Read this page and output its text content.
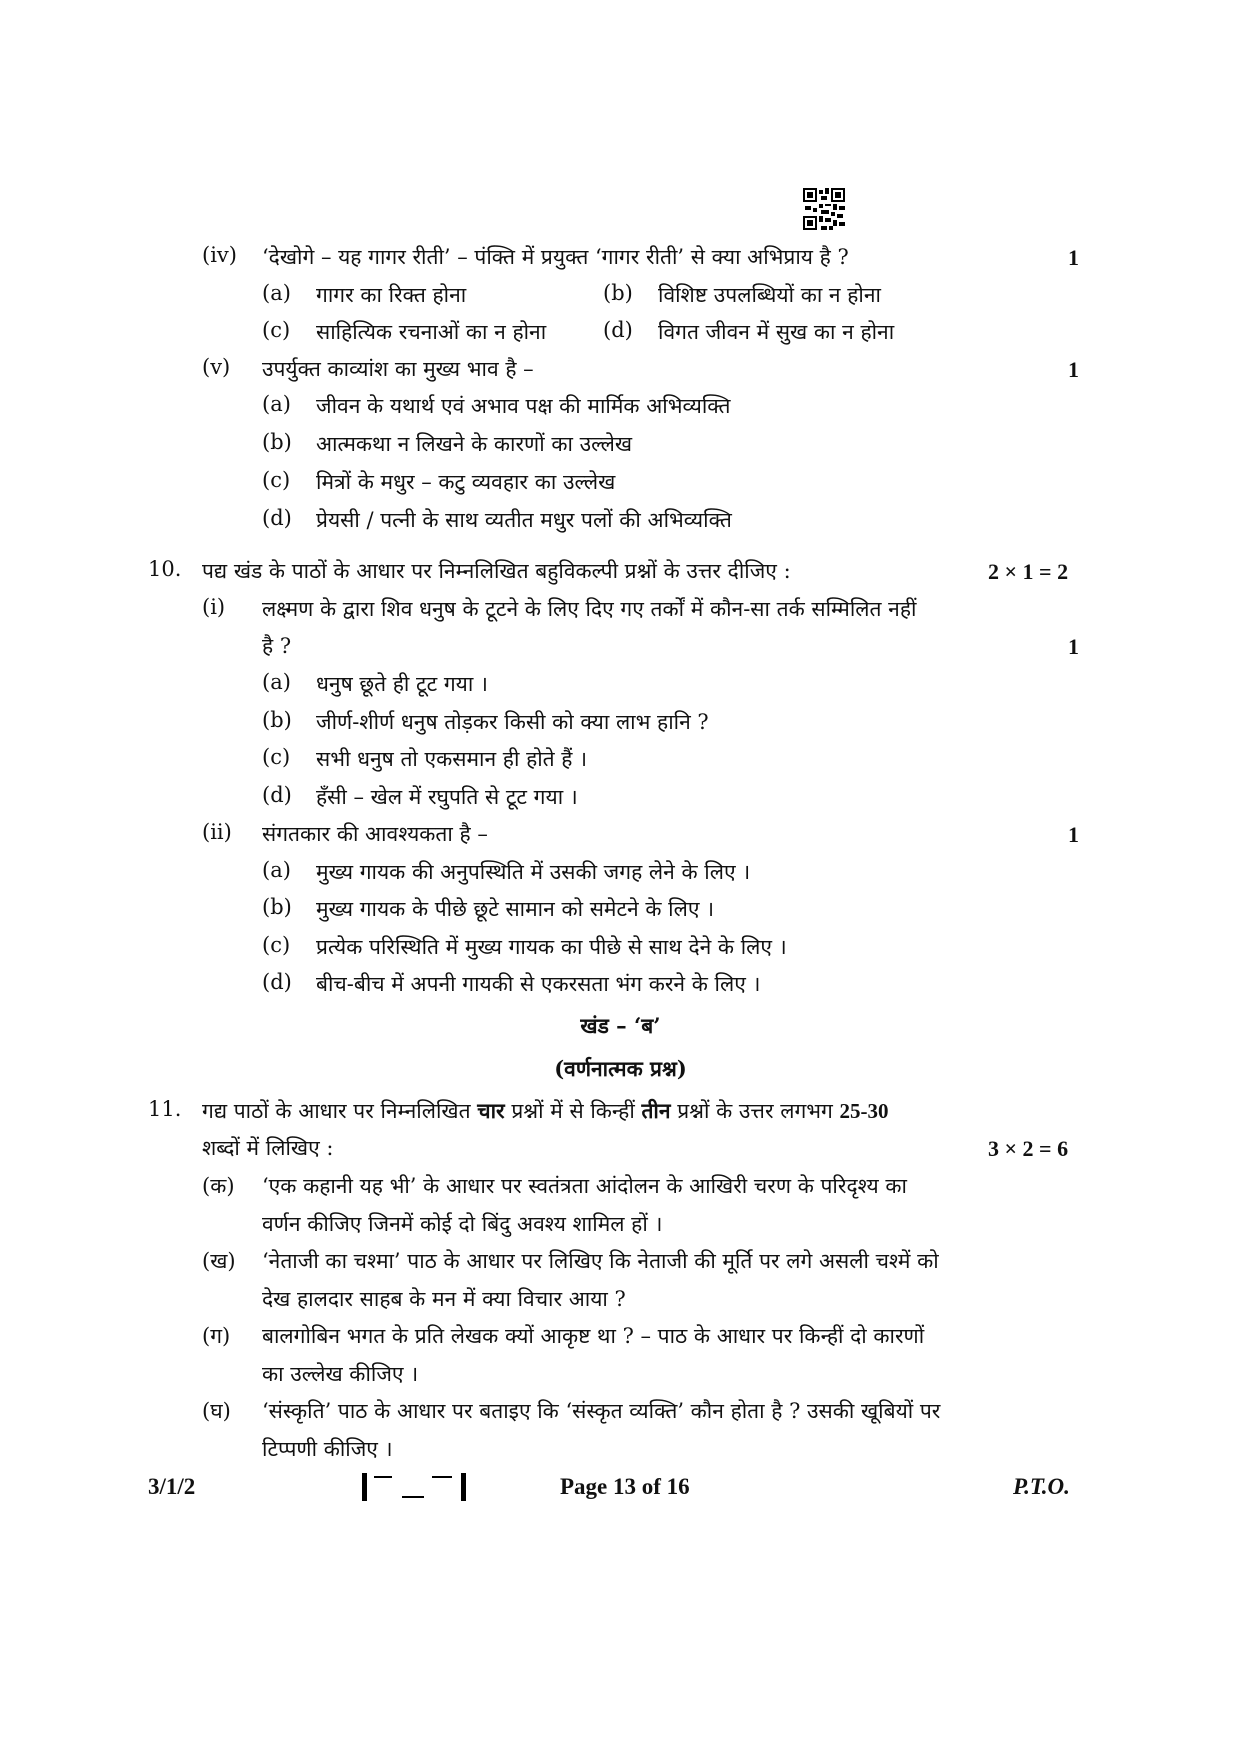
(iv) ‘देखोगे – यह गागर रीती’ – पंक्ति में प्रयुक्त ‘गागर रीती’ से क्या अभिप्राय है ?	1
(a) गागर का रिक्त होना	(b) विशिष्ट उपलब्धियों का न होना
(c) साहित्यिक रचनाओं का न होना	(d) विगत जीवन में सुख का न होना
(v) उपर्युक्त काव्यांश का मुख्य भाव है –	1
(a) जीवन के यथार्थ एवं अभाव पक्ष की मार्मिक अभिव्यक्ति
(b) आत्मकथा न लिखने के कारणों का उल्लेख
(c) मित्रों के मधुर – कटु व्यवहार का उल्लेख
(d) प्रेयसी / पत्नी के साथ व्यतीत मधुर पलों की अभिव्यक्ति
10. पद्य खंड के पाठों के आधार पर निम्नलिखित बहुविकल्पी प्रश्नों के उत्तर दीजिए :	2 × 1 = 2
(i) लक्ष्मण के द्वारा शिव धनुष के टूटने के लिए दिए गए तर्कों में कौन-सा तर्क सम्मिलित नहीं
है ?	1
(a) धनुष छूते ही टूट गया ।
(b) जीर्ण-शीर्ण धनुष तोड़कर किसी को क्या लाभ हानि ?
(c) सभी धनुष तो एकसमान ही होते हैं ।
(d) हँसी – खेल में रघुपति से टूट गया ।
(ii) संगतकार की आवश्यकता है –	1
(a) मुख्य गायक की अनुपस्थिति में उसकी जगह लेने के लिए ।
(b) मुख्य गायक के पीछे छूटे सामान को समेटने के लिए ।
(c) प्रत्येक परिस्थिति में मुख्य गायक का पीछे से साथ देने के लिए ।
(d) बीच-बीच में अपनी गायकी से एकरसता भंग करने के लिए ।
खंड – ‘ब’
(वर्णनात्मक प्रश्न)
11. गद्य पाठों के आधार पर निम्नलिखित चार प्रश्नों में से किन्हीं तीन प्रश्नों के उत्तर लगभग 25-30
शब्दों में लिखिए :	3 × 2 = 6
(क) ‘एक कहानी यह भी’ के आधार पर स्वतंत्रता आंदोलन के आखिरी चरण के परिदृश्य का
वर्णन कीजिए जिनमें कोई दो बिंदु अवश्य शामिल हों ।
(ख) ‘नेताजी का चश्मा’ पाठ के आधार पर लिखिए कि नेताजी की मूर्ति पर लगे असली चश्में को
देख हालदार साहब के मन में क्या विचार आया ?
(ग) बालगोबिन भगत के प्रति लेखक क्यों आकृष्ट था ? – पाठ के आधार पर किन्हीं दो कारणों
का उल्लेख कीजिए ।
(घ) ‘संस्कृति’ पाठ के आधार पर बताइए कि ‘संस्कृत व्यक्ति’ कौन होता है ? उसकी खूबियों पर
टिप्पणी कीजिए ।
3/1/2	Page 13 of 16	P.T.O.
